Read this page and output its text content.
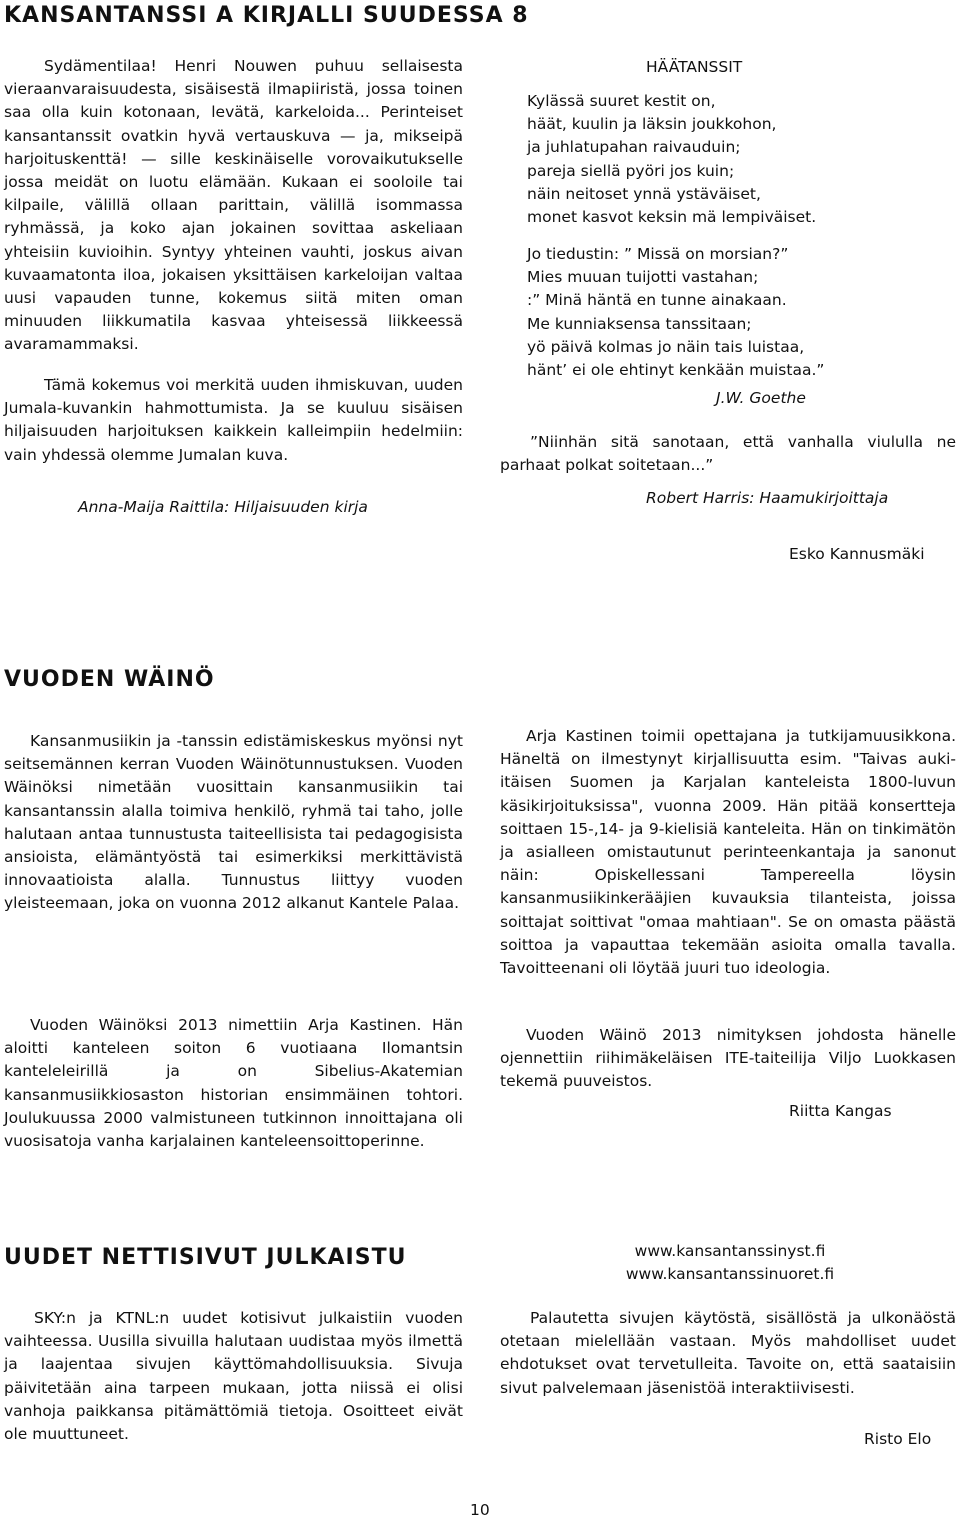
KANSANTANSSI A KIRJALLI SUUDESSA 8

Sydämentilaa! Henri Nouwen puhuu sellaisesta vieraanvaraisuudesta, sisäisestä ilmapiiristä, jossa toinen saa olla kuin kotonaan, levätä, karkeloida... Perinteiset kansantanssit ovatkin hyvä vertauskuva — ja, mikseipä harjoituskenttä! — sille keskinäiselle vorovaikutukselle jossa meidät on luotu elämään. Kukaan ei sooloile tai kilpaile, välillä ollaan parittain, välillä isommassa ryhmässä, ja koko ajan jokainen sovittaa askeliaan yhteisiin kuvioihin. Syntyy yhteinen vauhti, joskus aivan kuvaamatonta iloa, jokaisen yksittäisen karkeloijan valtaa uusi vapauden tunne, kokemus siitä miten oman minuuden liikkumatila kasvaa yhteisessä liikkeessä avaramammaksi.

Tämä kokemus voi merkitä uuden ihmiskuvan, uuden Jumala-kuvankin hahmottumista. Ja se kuuluu sisäisen hiljaisuuden harjoituksen kaikkein kalleimpiin hedelmiin: vain yhdessä olemme Jumalan kuva.

Anna-Maija Raittila: Hiljaisuuden kirja
HÄÄTANSSIT
Kylässä suuret kestit on,
häät, kuulin ja läksin joukkohon,
ja juhlatupahan raivauduin;
pareja siellä pyöri jos kuin;
näin neitoset ynnä ystäväiset,
monet kasvot keksin mä lempiväiset.
Jo tiedustin: ” Missä on morsian?”
Mies muuan tuijotti vastahan;
:” Minä häntä en tunne ainakaan.
Me kunniaksensa tanssitaan;
yö päivä kolmas jo näin tais luistaa,
hänt’ ei ole ehtinyt kenkään muistaa.”
J.W. Goethe

”Niinhän sitä sanotaan, että vanhalla viululla ne parhaat polkat soitetaan...”

Robert Harris: Haamukirjoittaja
Esko Kannusmäki
VUODEN WÄINÖ

Kansanmusiikin ja -tanssin edistämiskeskus myönsi nyt seitsemännen kerran Vuoden Wäinötunnustuksen. Vuoden Wäinöksi nimetään vuosittain kansanmusiikin tai kansantanssin alalla toimiva henkilö, ryhmä tai taho, jolle halutaan antaa tunnustusta taiteellisista tai pedagogisista ansioista, elämäntyöstä tai esimerkiksi merkittävistä innovaatioista alalla. Tunnustus liittyy vuoden yleisteemaan, joka on vuonna 2012 alkanut Kantele Palaa.

Vuoden Wäinöksi 2013 nimettiin Arja Kastinen. Hän aloitti kanteleen soiton 6 vuotiaana Ilomantsin kanteleleirillä ja on Sibelius-Akatemian kansanmusiikkiosaston historian ensimmäinen tohtori. Joulukuussa 2000 valmistuneen tutkinnon innoittajana oli vuosisatoja vanha karjalainen kanteleensoittoperinne.

Arja Kastinen toimii opettajana ja tutkijamuusikkona. Häneltä on ilmestynyt kirjallisuutta esim. "Taivas auki- itäisen Suomen ja Karjalan kanteleista 1800-luvun käsikirjoituksissa", vuonna 2009. Hän pitää konsertteja soittaen 15-,14- ja 9-kielisiä kanteleita. Hän on tinkimätön ja asialleen omistautunut perinteenkantaja ja sanonut näin: Opiskellessani Tampereella löysin kansanmusiikinkerääjien kuvauksia tilanteista, joissa soittajat soittivat "omaa mahtiaan". Se on omasta päästä soittoa ja vapauttaa tekemään asioita omalla tavalla. Tavoitteenani oli löytää juuri tuo ideologia.

Vuoden Wäinö 2013 nimityksen johdosta hänelle ojennettiin riihimäkeläisen ITE-taiteilija Viljo Luokkasen tekemä puuveistos.

Riitta Kangas
UUDET NETTISIVUT JULKAISTU	www.kansantanssinyst.fi
www.kansantanssinuoret.fi

SKY:n ja KTNL:n uudet kotisivut julkaistiin vuoden vaihteessa. Uusilla sivuilla halutaan uudistaa myös ilmettä ja laajentaa sivujen käyttömahdollisuuksia. Sivuja päivitetään aina tarpeen mukaan, jotta niissä ei olisi vanhoja paikkansa pitämättömiä tietoja. Osoitteet eivät ole muuttuneet.

Palautetta sivujen käytöstä, sisällöstä ja ulkonäöstä otetaan mielellään vastaan. Myös mahdolliset uudet ehdotukset ovat tervetulleita. Tavoite on, että saataisiin sivut palvelemaan jäsenistöä interaktiivisesti.

Risto Elo
10
